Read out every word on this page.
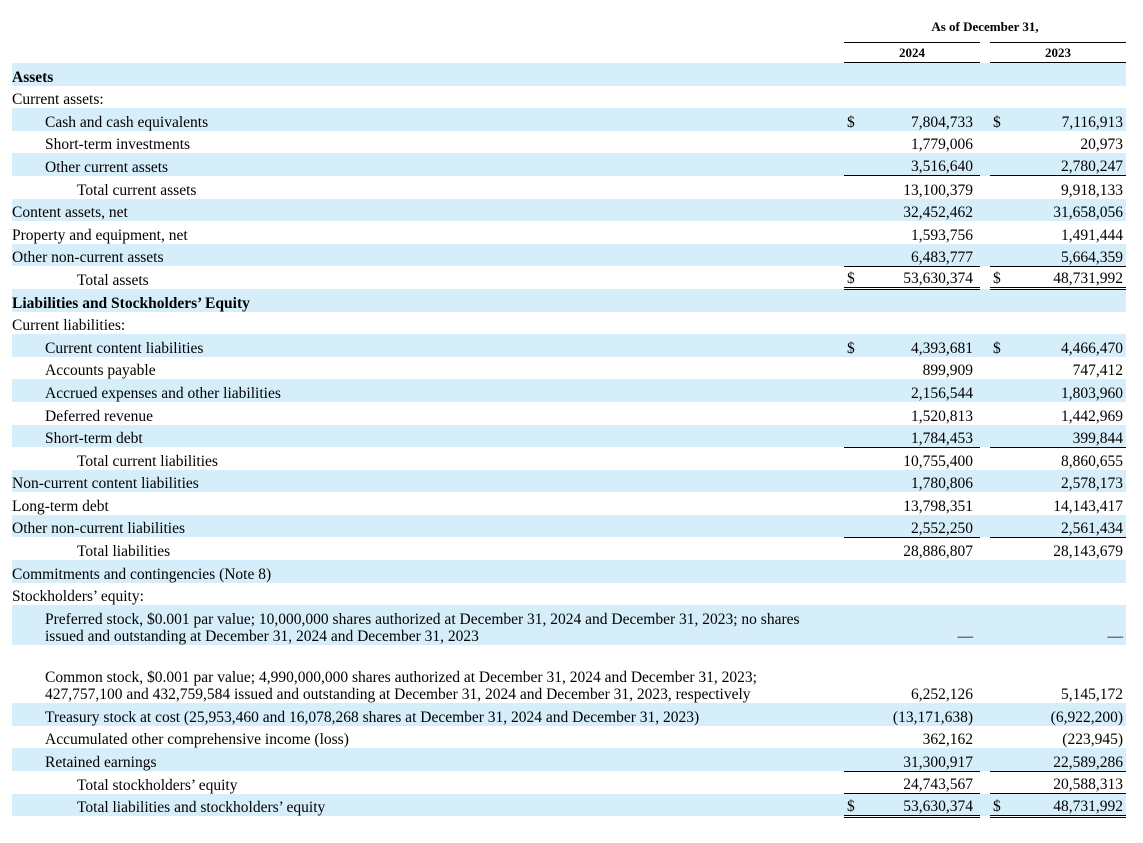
As of December 31,
2024	2023
Assets						
Current assets:						
Cash and cash equivalents		$	7,804,733		$	7,116,913
Short-term investments			1,779,006			20,973
Other current assets			3,516,640			2,780,247
Total current assets			13,100,379			9,918,133
Content assets, net			32,452,462			31,658,056
Property and equipment, net			1,593,756			1,491,444
Other non-current assets			6,483,777			5,664,359
Total assets		$	53,630,374		$	48,731,992
Liabilities and Stockholders’ Equity						
Current liabilities:						
Current content liabilities		$	4,393,681		$	4,466,470
Accounts payable			899,909			747,412
Accrued expenses and other liabilities			2,156,544			1,803,960
Deferred revenue			1,520,813			1,442,969
Short-term debt			1,784,453			399,844
Total current liabilities			10,755,400			8,860,655
Non-current content liabilities			1,780,806			2,578,173
Long-term debt			13,798,351			14,143,417
Other non-current liabilities			2,552,250			2,561,434
Total liabilities			28,886,807			28,143,679
Commitments and contingencies (Note 8)						
Stockholders’ equity:						
Preferred stock, $0.001 par value; 10,000,000 shares authorized at December 31, 2024 and December 31, 2023; no shares issued and outstanding at December 31, 2024 and December 31, 2023			—			—
Common stock, $0.001 par value; 4,990,000,000 shares authorized at December 31, 2024 and December 31, 2023; 427,757,100 and 432,759,584 issued and outstanding at December 31, 2024 and December 31, 2023, respectively			6,252,126			5,145,172
Treasury stock at cost (25,953,460 and 16,078,268 shares at December 31, 2024 and December 31, 2023)			(13,171,638)			(6,922,200)
Accumulated other comprehensive income (loss)			362,162			(223,945)
Retained earnings			31,300,917			22,589,286
Total stockholders’ equity			24,743,567			20,588,313
Total liabilities and stockholders’ equity		$	53,630,374		$	48,731,992
